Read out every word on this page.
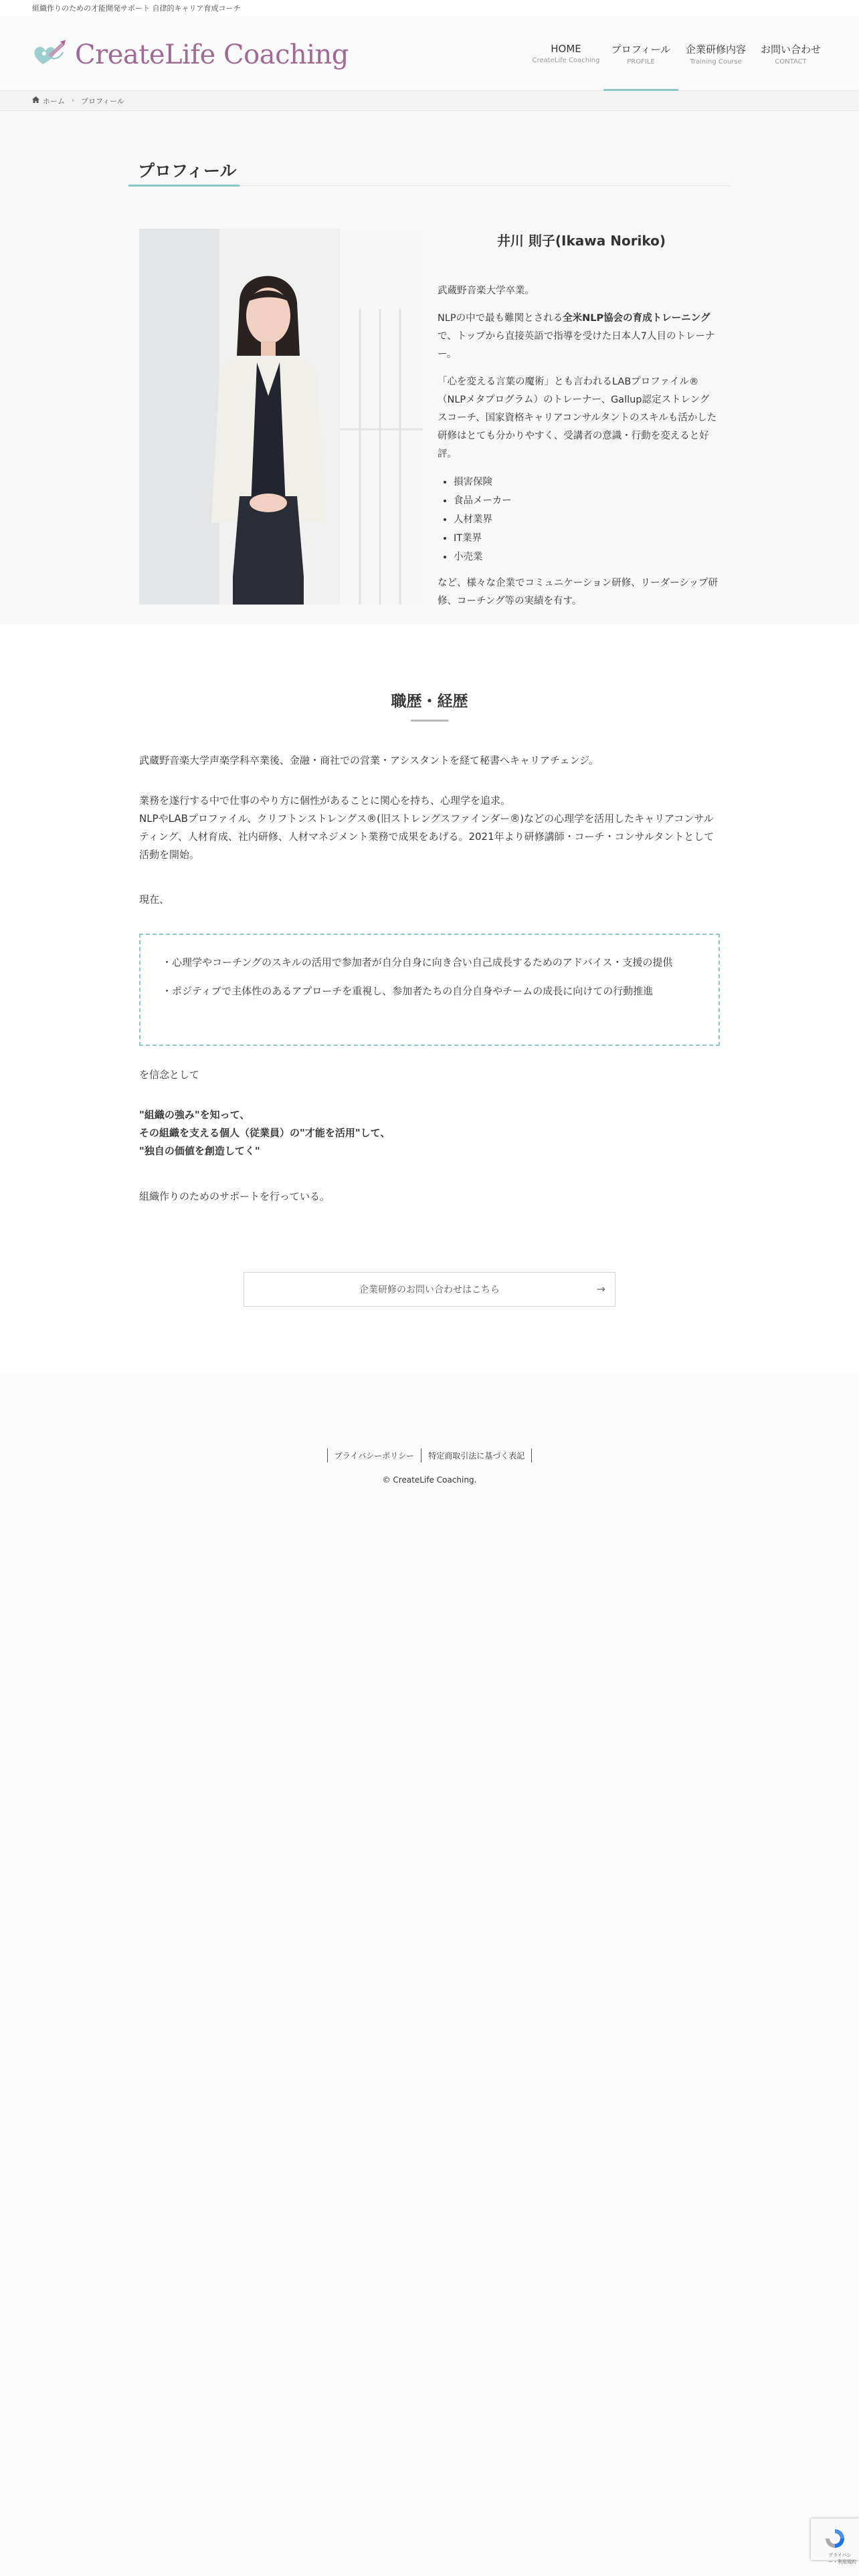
組織作りのための才能開発サポート 自律的キャリア育成コーチ
CreateLife Coaching	HOME
CreateLife Coaching
プロフィール
PROFILE
企業研修内容
Training Course
お問い合わせ
CONTACT
ホーム › プロフィール
プロフィール
井川 則子(Ikawa Noriko)

武蔵野音楽大学卒業。

NLPの中で最も難関とされる全米NLP協会の育成トレーニングで、トップから直接英語で指導を受けた日本人7人目のトレーナー。

「心を変える言葉の魔術」とも言われるLABプロファイル®（NLPメタプログラム）のトレーナー、Gallup認定ストレングスコーチ、国家資格キャリアコンサルタントのスキルも活かした研修はとても分かりやすく、受講者の意識・行動を変えると好評。

• 損害保険
• 食品メーカー
• 人材業界
• IT業界
• 小売業

など、様々な企業でコミュニケーション研修、リーダーシップ研修、コーチング等の実績を有す。

職歴・経歴
武蔵野音楽大学声楽学科卒業後、金融・商社での営業・アシスタントを経て秘書へキャリアチェンジ。
業務を遂行する中で仕事のやり方に個性があることに関心を持ち、心理学を追求。
NLPやLABプロファイル、クリフトンストレングス®(旧ストレングスファインダー®)などの心理学を活用したキャリアコンサルティング、人材育成、社内研修、人材マネジメント業務で成果をあげる。2021年より研修講師・コーチ・コンサルタントとして活動を開始。
現在、

・心理学やコーチングのスキルの活用で参加者が自分自身に向き合い自己成長するためのアドバイス・支援の提供

・ポジティブで主体性のあるアプローチを重視し、参加者たちの自分自身やチームの成長に向けての行動推進

を信念として
"組織の強み"を知って、
その組織を支える個人（従業員）の"才能を活用"して、
"独自の価値を創造してく"
組織作りのためのサポートを行っている。
企業研修のお問い合わせはこちら	→
プライバシーポリシー	特定商取引法に基づく表記
© CreateLife Coaching.
プライバシー・利用規約
